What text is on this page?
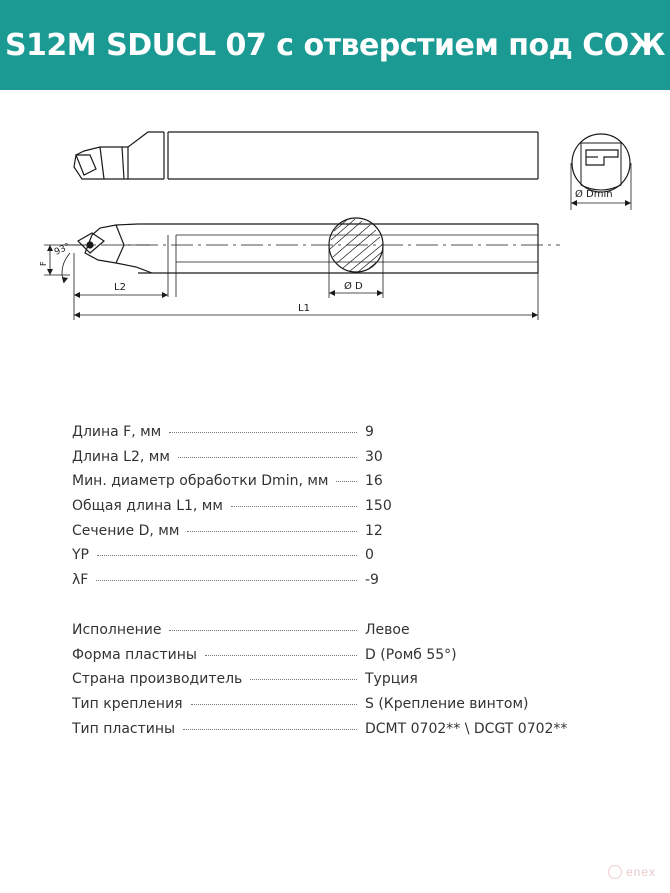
S12M SDUCL 07 с отверстием под СОЖ
Ø Dmin
F
93°
L2	Ø D
L1
Длина F, мм	9
Длина L2, мм	30
Мин. диаметр обработки Dmin, мм	16
Общая длина L1, мм	150
Сечение D, мм	12
YP	0
λF	-9
Исполнение	Левое
Форма пластины	D (Ромб 55°)
Страна производитель	Турция
Тип крепления	S (Крепление винтом)
Тип пластины	DCMT 0702** \ DCGT 0702**
enex
